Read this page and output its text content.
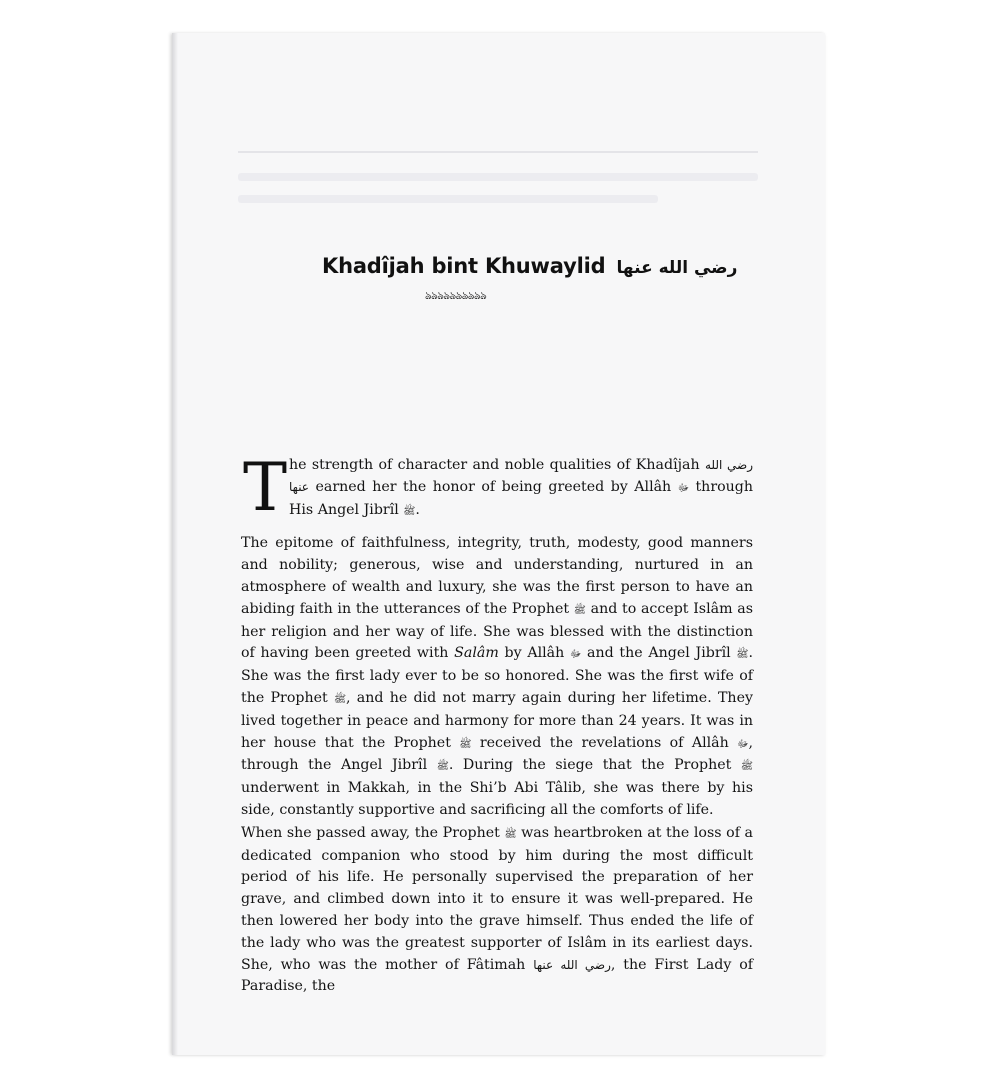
Khadîjah bint Khuwaylid رضي الله عنها
ঌঌঌঌঌঌঌঌঌঌ

T he strength of character and noble qualities of Khadîjah رضي الله عنها earned her the honor of being greeted by Allâh ﷻ through His Angel Jibrîl ﷺ.

The epitome of faithfulness, integrity, truth, modesty, good manners and nobility; generous, wise and understanding, nurtured in an atmosphere of wealth and luxury, she was the first person to have an abiding faith in the utterances of the Prophet ﷺ and to accept Islâm as her religion and her way of life. She was blessed with the distinction of having been greeted with Salâm by Allâh ﷻ and the Angel Jibrîl ﷺ. She was the first lady ever to be so honored. She was the first wife of the Prophet ﷺ, and he did not marry again during her lifetime. They lived together in peace and harmony for more than 24 years. It was in her house that the Prophet ﷺ received the revelations of Allâh ﷻ, through the Angel Jibrîl ﷺ. During the siege that the Prophet ﷺ underwent in Makkah, in the Shi’b Abi Tâlib, she was there by his side, constantly supportive and sacrificing all the comforts of life.

When she passed away, the Prophet ﷺ was heartbroken at the loss of a dedicated companion who stood by him during the most difficult period of his life. He personally supervised the preparation of her grave, and climbed down into it to ensure it was well-prepared. He then lowered her body into the grave himself. Thus ended the life of the lady who was the greatest supporter of Islâm in its earliest days. She, who was the mother of Fâtimah رضي الله عنها, the First Lady of Paradise, the
